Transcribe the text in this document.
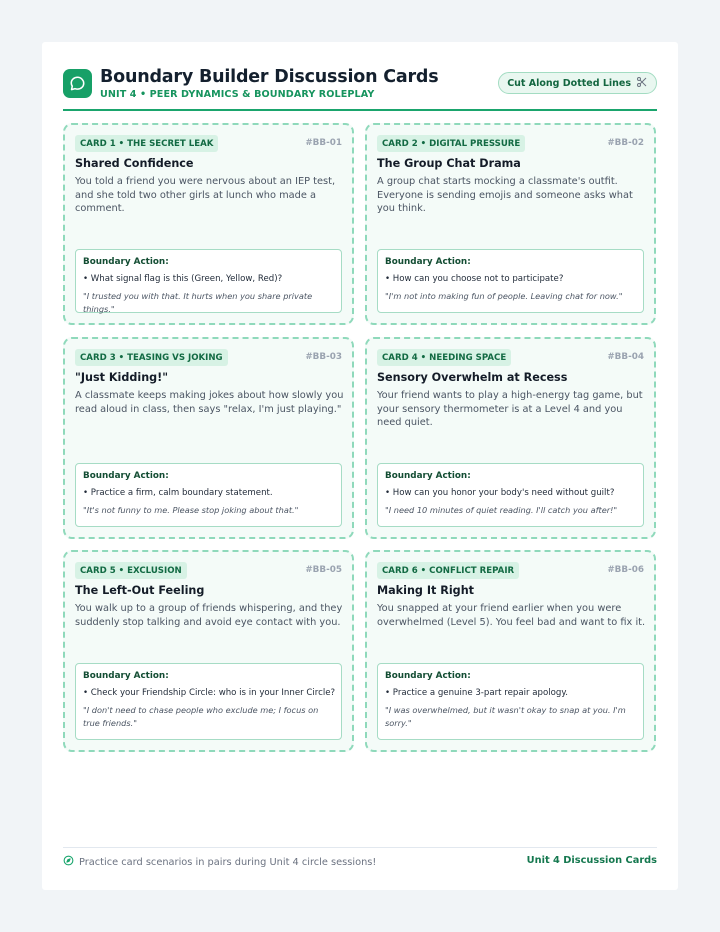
Boundary Builder Discussion Cards
UNIT 4 • PEER DYNAMICS & BOUNDARY ROLEPLAY
Cut Along Dotted Lines
CARD 1 • THE SECRET LEAK	#BB-01
Shared Confidence
You told a friend you were nervous about an IEP test, and she told two other girls at lunch who made a comment.
Boundary Action:
• What signal flag is this (Green, Yellow, Red)?
"I trusted you with that. It hurts when you share private things."
CARD 2 • DIGITAL PRESSURE	#BB-02
The Group Chat Drama
A group chat starts mocking a classmate's outfit. Everyone is sending emojis and someone asks what you think.
Boundary Action:
• How can you choose not to participate?
"I'm not into making fun of people. Leaving chat for now."
CARD 3 • TEASING VS JOKING	#BB-03
"Just Kidding!"
A classmate keeps making jokes about how slowly you read aloud in class, then says "relax, I'm just playing."
Boundary Action:
• Practice a firm, calm boundary statement.
"It's not funny to me. Please stop joking about that."
CARD 4 • NEEDING SPACE	#BB-04
Sensory Overwhelm at Recess
Your friend wants to play a high-energy tag game, but your sensory thermometer is at a Level 4 and you need quiet.
Boundary Action:
• How can you honor your body's need without guilt?
"I need 10 minutes of quiet reading. I'll catch you after!"
CARD 5 • EXCLUSION	#BB-05
The Left-Out Feeling
You walk up to a group of friends whispering, and they suddenly stop talking and avoid eye contact with you.
Boundary Action:
• Check your Friendship Circle: who is in your Inner Circle?
"I don't need to chase people who exclude me; I focus on true friends."
CARD 6 • CONFLICT REPAIR	#BB-06
Making It Right
You snapped at your friend earlier when you were overwhelmed (Level 5). You feel bad and want to fix it.
Boundary Action:
• Practice a genuine 3-part repair apology.
"I was overwhelmed, but it wasn't okay to snap at you. I'm sorry."
Practice card scenarios in pairs during Unit 4 circle sessions!	Unit 4 Discussion Cards
